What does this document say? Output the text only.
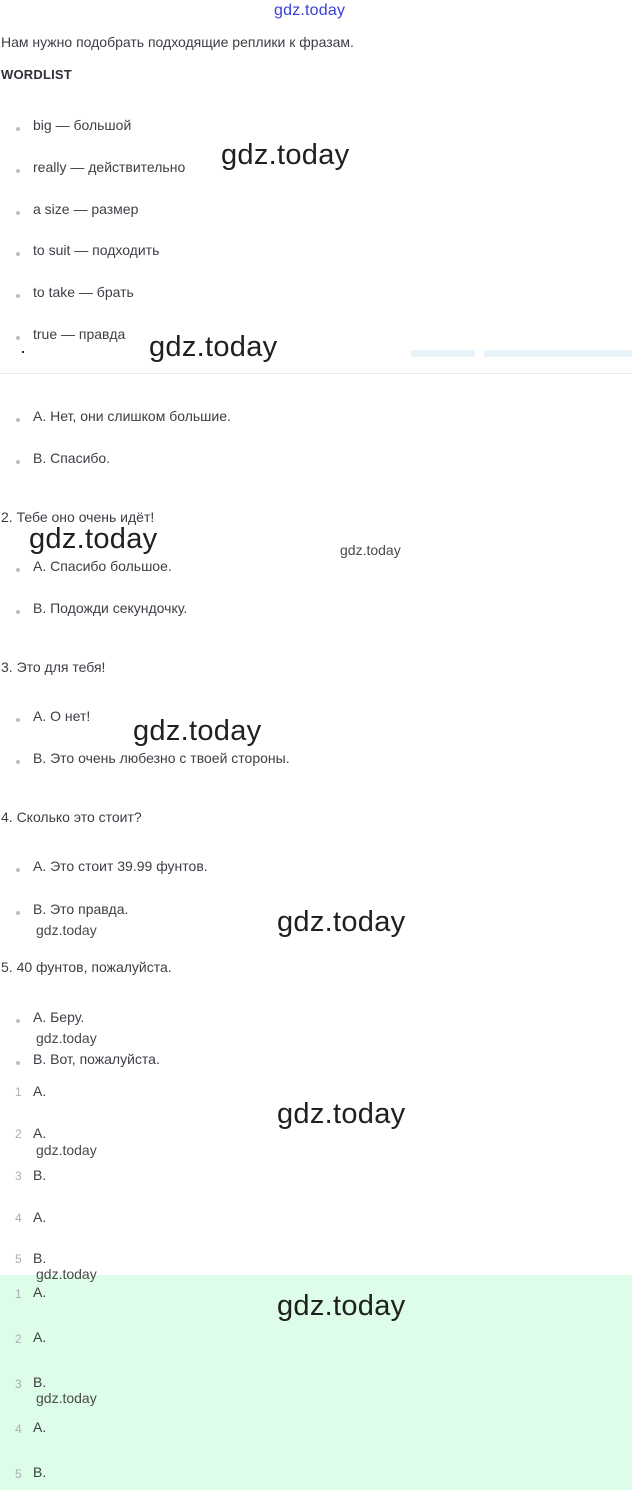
gdz.today
Нам нужно подобрать подходящие реплики к фразам.
WORDLIST
big — большой
really — действительно
a size — размер
to suit — подходить
to take — брать
true — правда
A. Нет, они слишком большие.
B. Спасибо.
2. Тебе оно очень идёт!
A. Спасибо большое.
B. Подожди секундочку.
3. Это для тебя!
A. О нет!
B. Это очень любезно с твоей стороны.
4. Сколько это стоит?
A. Это стоит 39.99 фунтов.
B. Это правда.
5. 40 фунтов, пожалуйста.
A. Беру.
B. Вот, пожалуйста.
1 A.
2 A.
3 B.
4 A.
5 B.
1 A.
2 A.
3 B.
4 A.
5 B.
gdz.today
gdz.today
gdz.today	gdz.today
gdz.today
gdz.today
gdz.today
gdz.today
gdz.today
gdz.today
gdz.today
gdz.today
gdz.today
